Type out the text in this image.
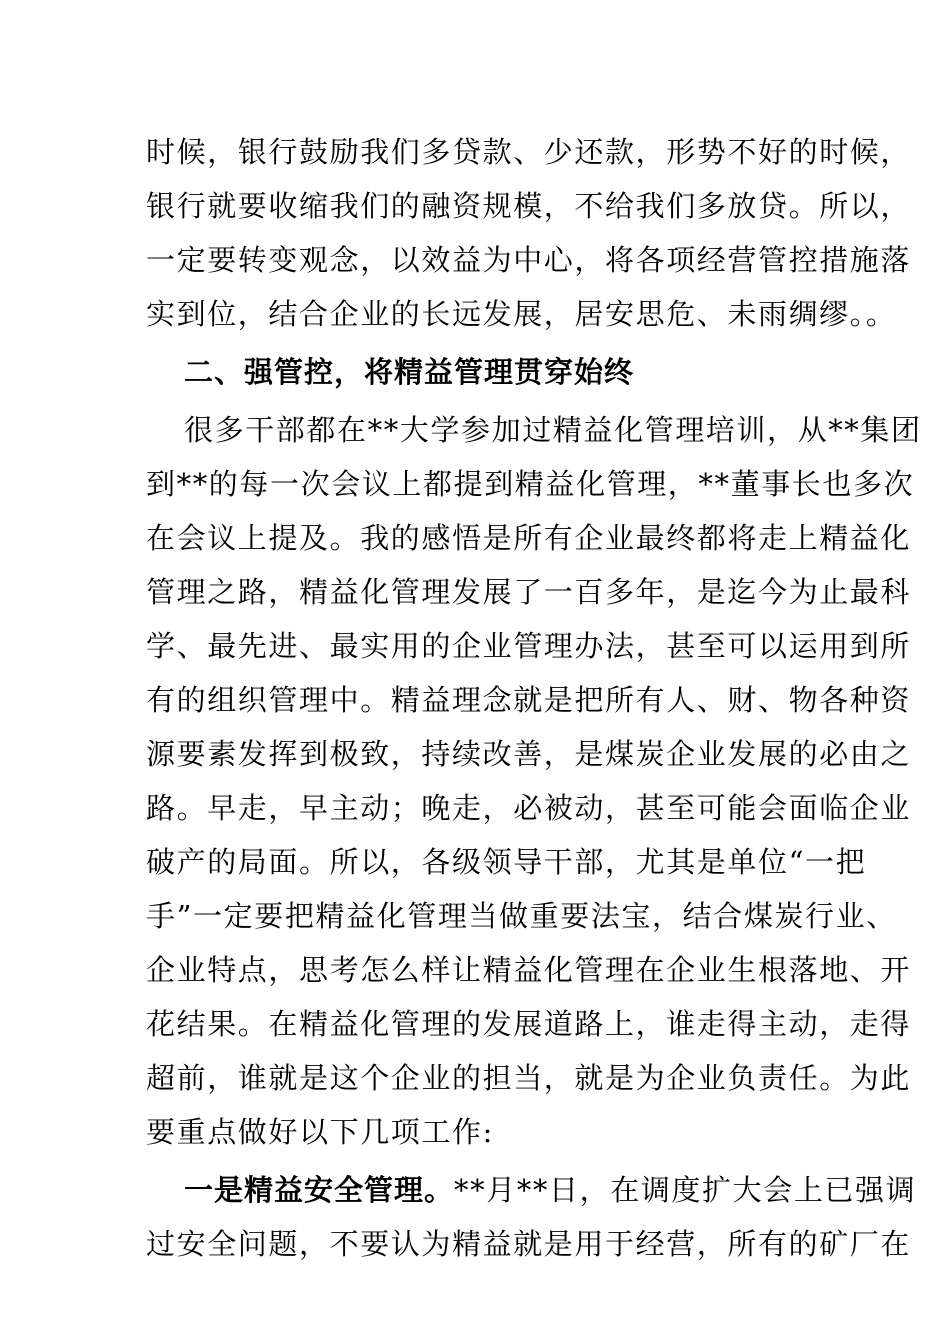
时候，银行鼓励我们多贷款、少还款，形势不好的时候，
银行就要收缩我们的融资规模，不给我们多放贷。所以，
一定要转变观念，以效益为中心，将各项经营管控措施落
实到位，结合企业的长远发展，居安思危、未雨绸缪。。
二、强管控，将精益管理贯穿始终
很多干部都在**大学参加过精益化管理培训，从**集团
到**的每一次会议上都提到精益化管理，**董事长也多次
在会议上提及。我的感悟是所有企业最终都将走上精益化
管理之路，精益化管理发展了一百多年，是迄今为止最科
学、最先进、最实用的企业管理办法，甚至可以运用到所
有的组织管理中。精益理念就是把所有人、财、物各种资
源要素发挥到极致，持续改善，是煤炭企业发展的必由之
路。早走，早主动；晚走，必被动，甚至可能会面临企业
破产的局面。所以，各级领导干部，尤其是单位“一把
手”一定要把精益化管理当做重要法宝，结合煤炭行业、
企业特点，思考怎么样让精益化管理在企业生根落地、开
花结果。在精益化管理的发展道路上，谁走得主动，走得
超前，谁就是这个企业的担当，就是为企业负责任。为此
要重点做好以下几项工作:
一是精益安全管理。**月**日，在调度扩大会上已强调
过安全问题，不要认为精益就是用于经营，所有的矿厂在
